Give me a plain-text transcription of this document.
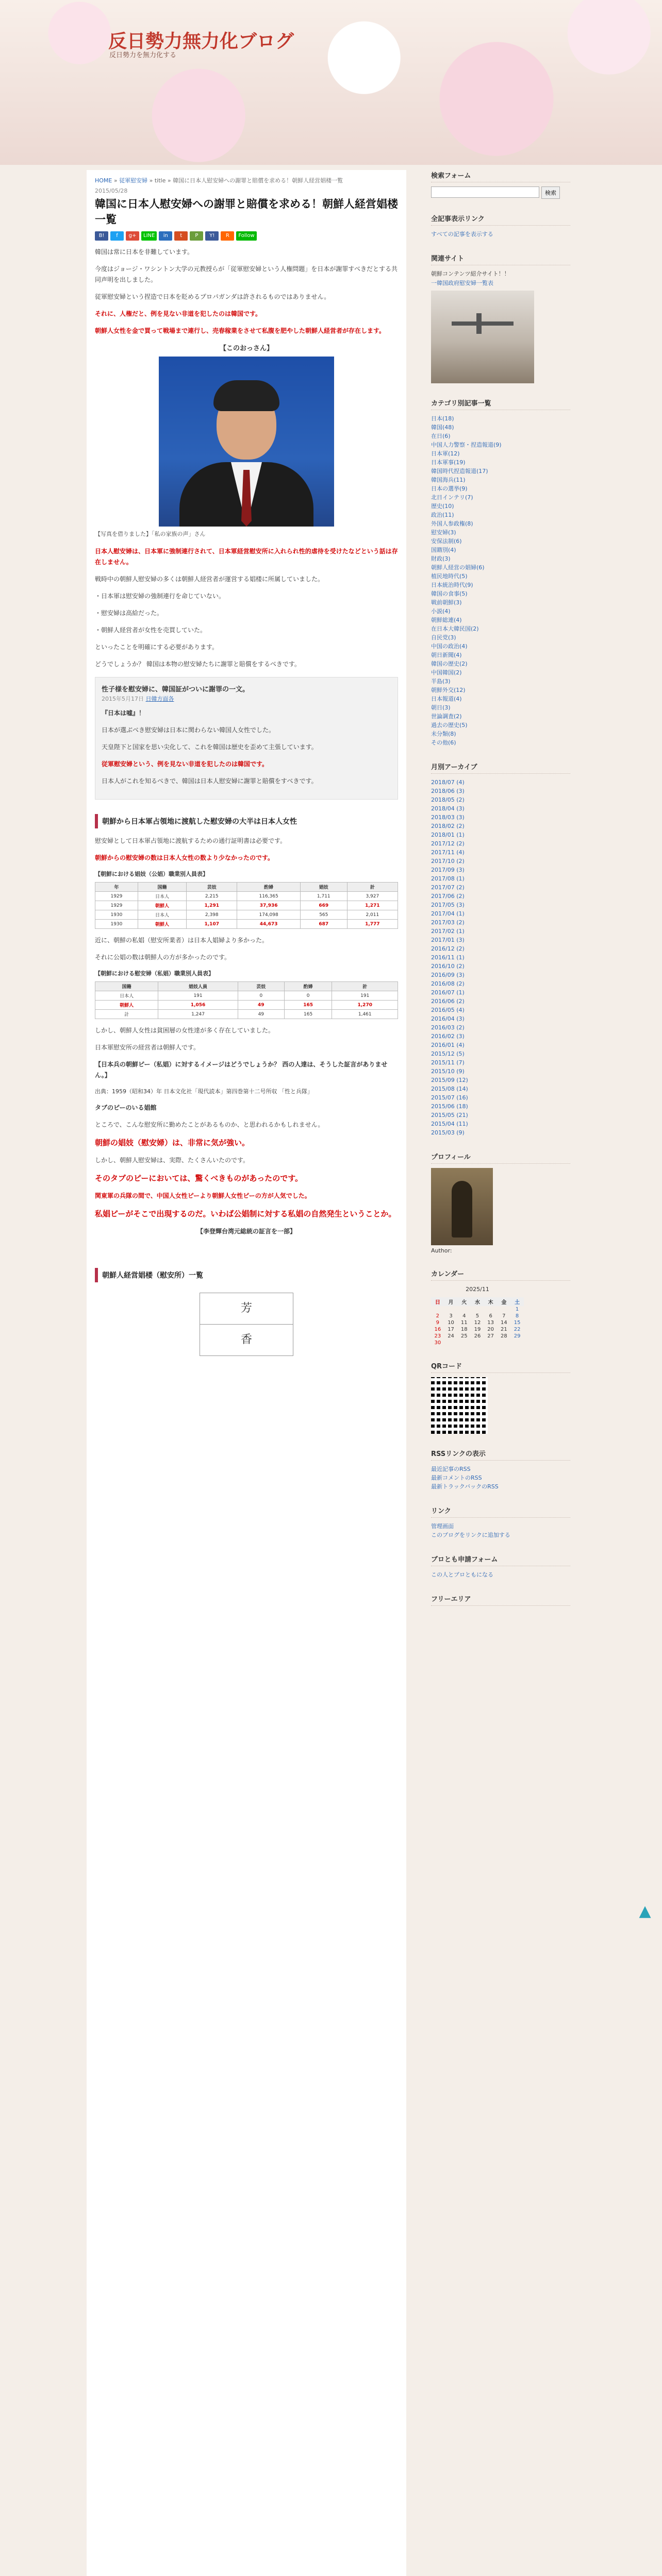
反日勢力無力化ブログ
反日勢力を無力化する
HOME » 従軍慰安婦 » title » 韓国に日本人慰安婦への謝罪と賠償を求める！朝鮮人経営娼楼一覧
2015/05/28
韓国に日本人慰安婦への謝罪と賠償を求める！朝鮮人経営娼楼一覧
B!	f	g+	LINE	in	t	P	Y!	R	Follow

韓国は常に日本を非難しています。

今度はジョージ・ワシントン大学の元教授らが「従軍慰安婦という人権問題」を日本が謝罪すべきだとする共同声明を出しました。

従軍慰安婦という捏造で日本を貶めるプロパガンダは許されるものではありません。

それに、人権だと、例を見ない非道を犯したのは韓国です。

朝鮮人女性を金で買って戦場まで連行し、売春稼業をさせて私腹を肥やした朝鮮人経営者が存在します。

【このおっさん】
【写真を借りました】「私の家族の声」さん

日本人慰安婦は、日本軍に強制連行されて、日本軍経営慰安所に入れられ性的虐待を受けたなどという話は存在しません。

戦時中の朝鮮人慰安婦の多くは朝鮮人経営者が運営する娼楼に所属していました。

・日本軍は慰安婦の強制連行を命じていない。

・慰安婦は高給だった。

・朝鮮人経営者が女性を売買していた。

といったことを明確にする必要があります。

どうでしょうか？ 韓国は本物の慰安婦たちに謝罪と賠償をするべきです。

性子様を慰安婦に、韓国証がついに謝罪の一文。
2015年5月17日 日韓方面各

『日本は嘘』！

日本が選ぶべき慰安婦は日本に関わらない韓国人女性でした。

天皇陛下と国家を思い尖化して、これを韓国は歴史を歪めて主張しています。

従軍慰安婦という、例を見ない非道を犯したのは韓国です。

日本人がこれを知るべきで、韓国は日本人慰安婦に謝罪と賠償をすべきです。

朝鮮から日本軍占領地に渡航した慰安婦の大半は日本人女性

慰安婦として日本軍占領地に渡航するための通行証明書は必要です。

朝鮮からの慰安婦の数は日本人女性の数より少なかったのです。

【朝鮮における娼妓（公娼）職業別人員表】
年	国籍	芸妓	酌婦	娼妓	計
1929	日本人	2,215	116,365	1,711	3,927
1929	朝鮮人	1,291	37,936	669	1,271
1930	日本人	2,398	174,098	565	2,011
1930	朝鮮人	1,107	44,673	687	1,777

近に、朝鮮の私娼（慰安所業者）は日本人娼婦より多かった。

それに公娼の数は朝鮮人の方が多かったのです。

【朝鮮における慰安婦（私娼）職業別人員表】
国籍	娼妓人員	芸妓	酌婦	計
日本人	191	0	0	191
朝鮮人	1,056	49	165	1,270
計	1,247	49	165	1,461

しかし、朝鮮人女性は貧困層の女性達が多く存在していました。

日本軍慰安所の経営者は朝鮮人です。

【日本兵の朝鮮ピー（私娼）に対するイメージはどうでしょうか？ 西の人達は、そうした証言がありません。】

出典：1959（昭和34）年 日本文化社「現代読本」第四巻第十二号所収 「性と兵隊」

タブのピーのいる娼館

ところで、こんな慰安所に勤めたことがあるものか、と思われるかもしれません。

朝鮮の娼妓（慰安婦）は、非常に気が強い。

しかし、朝鮮人慰安婦は、実際、たくさんいたのです。

そのタブのピーにおいては、驚くべきものがあったのです。

関東軍の兵隊の間で、中国人女性ピーより朝鮮人女性ピーの方が人気でした。

私娼ピーがそこで出現するのだ。いわば公娼制に対する私娼の自然発生ということか。

【李登輝台湾元総統の証言を一部】

朝鮮人経営娼楼（慰安所）一覧
芳
香
検索フォーム
検索
全記事表示リンク
すべての記事を表示する
関連サイト
朝鮮コンテンツ紹介サイト！！
一韓国政府慰安婦一覧表
カテゴリ別記事一覧
日本(18)
韓国(48)
在日(6)
中国人力警察・捏造報道(9)
日本軍(12)
日本軍事(19)
韓国時代捏造報道(17)
韓国海兵(11)
日本の選挙(9)
北日インテリ(7)
歴史(10)
政治(11)
外国人参政権(8)
慰安婦(3)
安保法制(6)
国籍別(4)
財政(3)
朝鮮人経営の娼婦(6)
植民地時代(5)
日本統治時代(9)
韓国の食事(5)
戦前朝鮮(3)
小説(4)
朝鮮総連(4)
在日本大韓民国(2)
自民党(3)
中国の政治(4)
朝日新聞(4)
韓国の歴史(2)
中国韓国(2)
半島(3)
朝鮮外交(12)
日本報道(4)
朝日(3)
世論調査(2)
過去の歴史(5)
未分類(8)
その他(6)
月別アーカイブ
2018/07 (4)
2018/06 (3)
2018/05 (2)
2018/04 (3)
2018/03 (3)
2018/02 (2)
2018/01 (1)
2017/12 (2)
2017/11 (4)
2017/10 (2)
2017/09 (3)
2017/08 (1)
2017/07 (2)
2017/06 (2)
2017/05 (3)
2017/04 (1)
2017/03 (2)
2017/02 (1)
2017/01 (3)
2016/12 (2)
2016/11 (1)
2016/10 (2)
2016/09 (3)
2016/08 (2)
2016/07 (1)
2016/06 (2)
2016/05 (4)
2016/04 (3)
2016/03 (2)
2016/02 (3)
2016/01 (4)
2015/12 (5)
2015/11 (7)
2015/10 (9)
2015/09 (12)
2015/08 (14)
2015/07 (16)
2015/06 (18)
2015/05 (21)
2015/04 (11)
2015/03 (9)
プロフィール
Author:
カレンダー
2025/11
日	月	火	水	木	金	土
						1
2	3	4	5	6	7	8
9	10	11	12	13	14	15
16	17	18	19	20	21	22
23	24	25	26	27	28	29
30						
QRコード
RSSリンクの表示
最近記事のRSS
最新コメントのRSS
最新トラックバックのRSS
リンク
管理画面
このブログをリンクに追加する
ブロとも申請フォーム
この人とブロともになる
フリーエリア
▲
